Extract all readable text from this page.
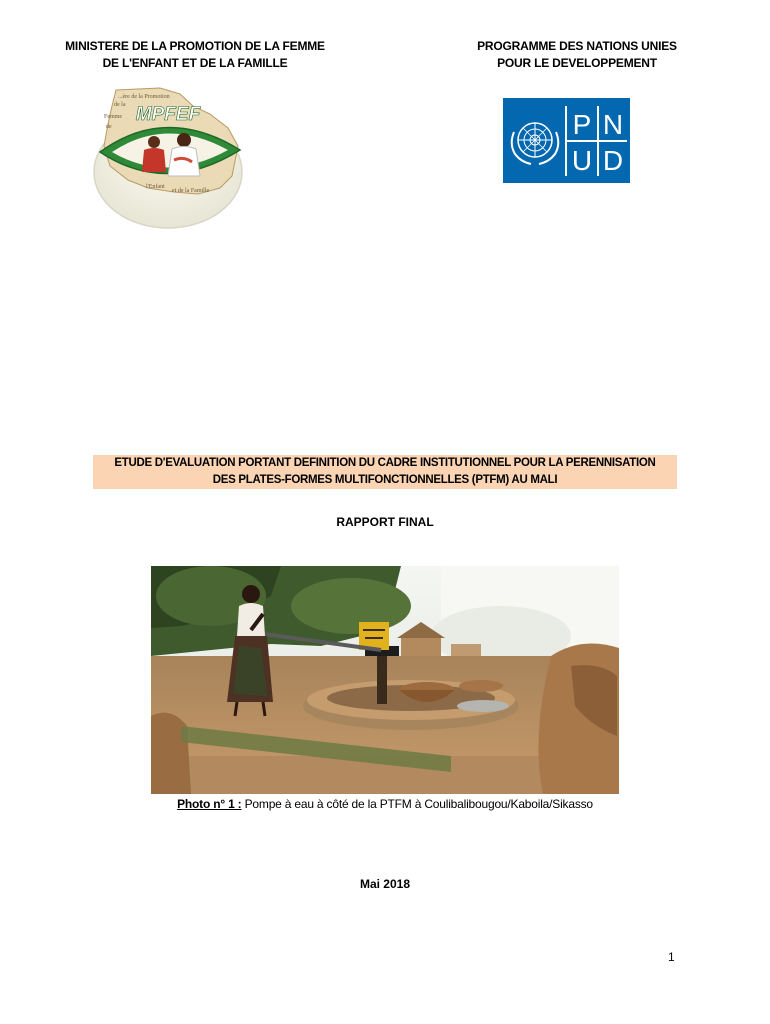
MINISTERE DE LA PROMOTION DE LA FEMME
DE L'ENFANT ET DE LA FAMILLE
PROGRAMME DES NATIONS UNIES
POUR LE DEVELOPPEMENT
MPFEF
...ère de la Promotion
de la
Femme
de
l'Enfant
et de la Famille
P N
U D
ETUDE D'EVALUATION PORTANT DEFINITION DU CADRE INSTITUTIONNEL POUR LA PERENNISATION
DES PLATES-FORMES MULTIFONCTIONNELLES (PTFM) AU MALI
RAPPORT FINAL
Photo n° 1 : Pompe à eau à côté de la PTFM à Coulibalibougou/Kaboila/Sikasso
Mai 2018
1
